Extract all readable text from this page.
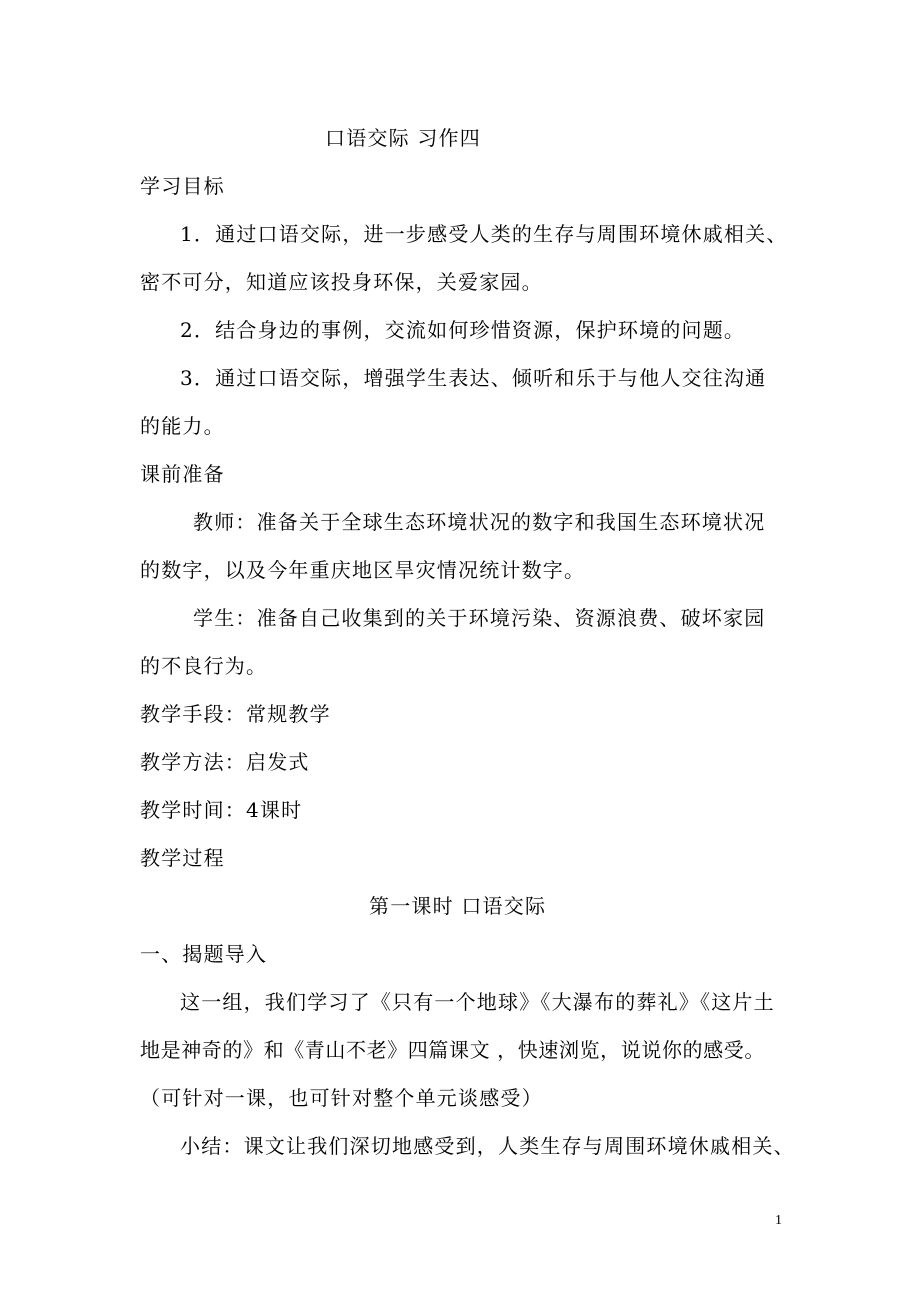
口语交际 习作四
学习目标
1．通过口语交际，进一步感受人类的生存与周围环境休戚相关、
密不可分，知道应该投身环保，关爱家园。
2．结合身边的事例，交流如何珍惜资源，保护环境的问题。
3．通过口语交际，增强学生表达、倾听和乐于与他人交往沟通
的能力。
课前准备
教师：准备关于全球生态环境状况的数字和我国生态环境状况
的数字，以及今年重庆地区旱灾情况统计数字。
学生：准备自己收集到的关于环境污染、资源浪费、破坏家园
的不良行为。
教学手段：常规教学
教学方法：启发式
教学时间：4课时
教学过程
第一课时 口语交际
一、揭题导入
这一组，我们学习了《只有一个地球》《大瀑布的葬礼》《这片土
地是神奇的》和《青山不老》四篇课文 ，快速浏览，说说你的感受。
（可针对一课，也可针对整个单元谈感受）
小结：课文让我们深切地感受到，人类生存与周围环境休戚相关、
1
